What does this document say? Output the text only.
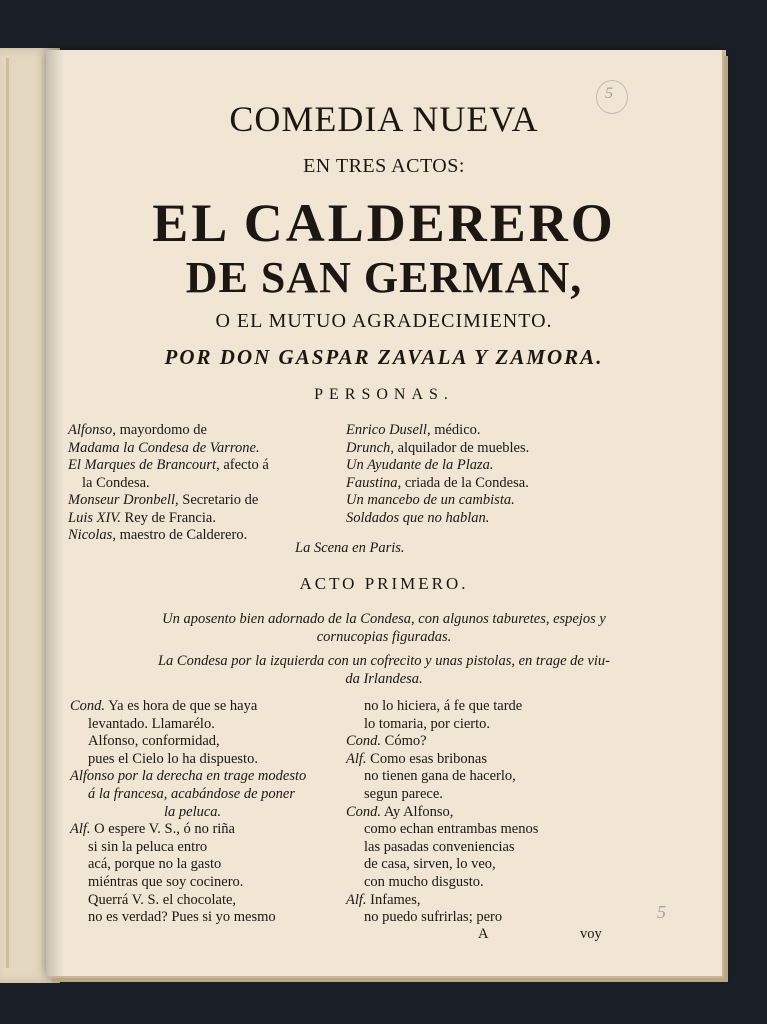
5
5
COMEDIA NUEVA
EN TRES ACTOS:
EL CALDERERO
DE SAN GERMAN,
O EL MUTUO AGRADECIMIENTO.
POR DON GASPAR ZAVALA Y ZAMORA.
PERSONAS.
Alfonso, mayordomo de
Madama la Condesa de Varrone.
El Marques de Brancourt, afecto á
la Condesa.
Monseur Dronbell, Secretario de
Luis XIV. Rey de Francia.
Nicolas, maestro de Calderero.
Enrico Dusell, médico.
Drunch, alquilador de muebles.
Un Ayudante de la Plaza.
Faustina, criada de la Condesa.
Un mancebo de un cambista.
Soldados que no hablan.
La Scena en Paris.
ACTO PRIMERO.
Un aposento bien adornado de la Condesa, con algunos taburetes, espejos y
cornucopias figuradas.
La Condesa por la izquierda con un cofrecito y unas pistolas, en trage de viu-
da Irlandesa.
Cond. Ya es hora de que se haya
levantado. Llamarélo.
Alfonso, conformidad,
pues el Cielo lo ha dispuesto.
Alfonso por la derecha en trage modesto
á la francesa, acabándose de poner
la peluca.
Alf. O espere V. S., ó no riña
si sin la peluca entro
acá, porque no la gasto
miéntras que soy cocinero.
Querrá V. S. el chocolate,
no es verdad? Pues si yo mesmo
no lo hiciera, á fe que tarde
lo tomaria, por cierto.
Cond. Cómo?
Alf. Como esas bribonas
no tienen gana de hacerlo,
segun parece.
Cond. Ay Alfonso,
como echan entrambas menos
las pasadas conveniencias
de casa, sirven, lo veo,
con mucho disgusto.
Alf. Infames,
no puedo sufrirlas; pero
A	voy
